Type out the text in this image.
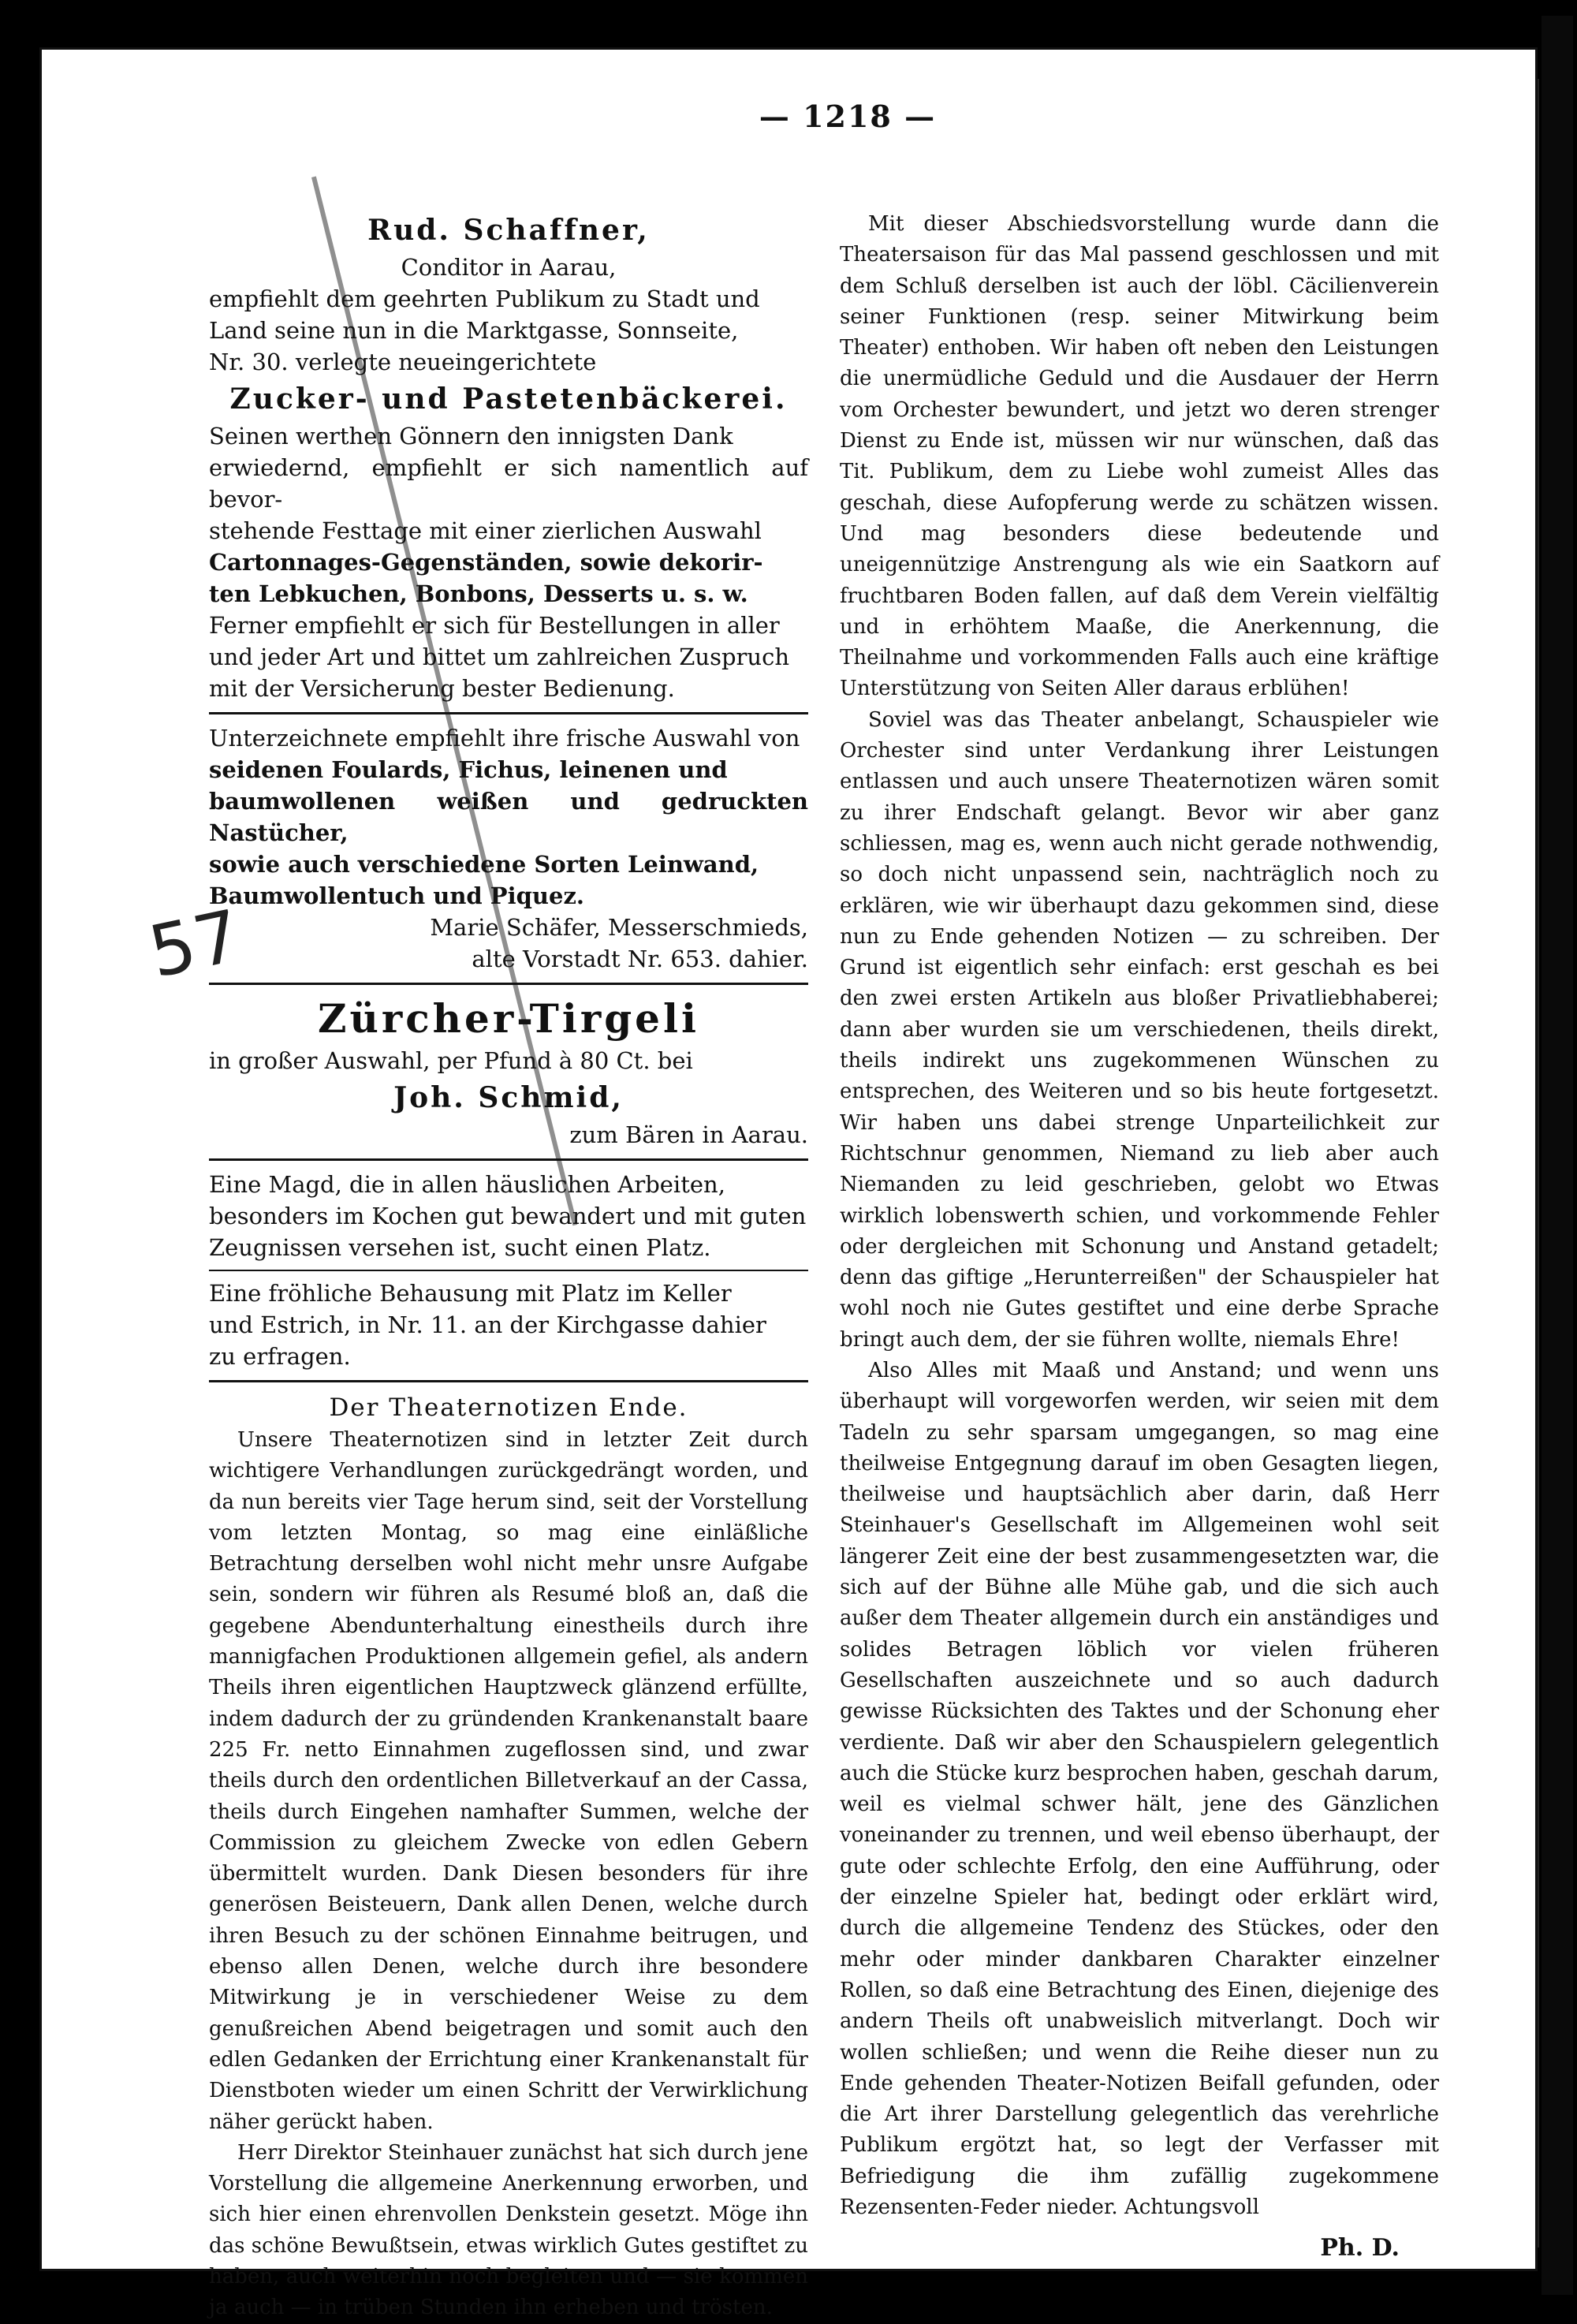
57
— 1218 —
Rud. Schaffner,
Conditor in Aarau,
empfiehlt dem geehrten Publikum zu Stadt und
Land seine nun in die Marktgasse, Sonnseite,
Nr. 30. verlegte neueingerichtete
Zucker- und Pastetenbäckerei.
Seinen werthen Gönnern den innigsten Dank
erwiedernd, empfiehlt er sich namentlich auf bevor-
stehende Festtage mit einer zierlichen Auswahl
Cartonnages-Gegenständen, sowie dekorir-
ten Lebkuchen, Bonbons, Desserts u. s. w.
Ferner empfiehlt er sich für Bestellungen in aller
und jeder Art und bittet um zahlreichen Zuspruch
mit der Versicherung bester Bedienung.
Unterzeichnete empfiehlt ihre frische Auswahl von
seidenen Foulards, Fichus, leinenen und
baumwollenen weißen und gedruckten Nastücher,
sowie auch verschiedene Sorten Leinwand,
Baumwollentuch und Piquez.
Marie Schäfer, Messerschmieds,
alte Vorstadt Nr. 653. dahier.
Zürcher-Tirgeli
in großer Auswahl, per Pfund à 80 Ct. bei
Joh. Schmid,
zum Bären in Aarau.
Eine Magd, die in allen häuslichen Arbeiten,
besonders im Kochen gut bewandert und mit guten
Zeugnissen versehen ist, sucht einen Platz.
Eine fröhliche Behausung mit Platz im Keller
und Estrich, in Nr. 11. an der Kirchgasse dahier
zu erfragen.
Der Theaternotizen Ende.

Unsere Theaternotizen sind in letzter Zeit durch wichtigere Verhandlungen zurückgedrängt worden, und da nun bereits vier Tage herum sind, seit der Vorstellung vom letzten Montag, so mag eine einläßliche Betrachtung derselben wohl nicht mehr unsre Aufgabe sein, sondern wir führen als Resumé bloß an, daß die gegebene Abendunterhaltung einestheils durch ihre mannigfachen Produktionen allgemein gefiel, als andern Theils ihren eigentlichen Hauptzweck glänzend erfüllte, indem dadurch der zu gründenden Krankenanstalt baare 225 Fr. netto Einnahmen zugeflossen sind, und zwar theils durch den ordentlichen Billetverkauf an der Cassa, theils durch Eingehen namhafter Summen, welche der Commission zu gleichem Zwecke von edlen Gebern übermittelt wurden. Dank Diesen besonders für ihre generösen Beisteuern, Dank allen Denen, welche durch ihren Besuch zu der schönen Einnahme beitrugen, und ebenso allen Denen, welche durch ihre besondere Mitwirkung je in verschiedener Weise zu dem genußreichen Abend beigetragen und somit auch den edlen Gedanken der Errichtung einer Krankenanstalt für Dienstboten wieder um einen Schritt der Verwirklichung näher gerückt haben.

Herr Direktor Steinhauer zunächst hat sich durch jene Vorstellung die allgemeine Anerkennung erworben, und sich hier einen ehrenvollen Denkstein gesetzt. Möge ihn das schöne Bewußtsein, etwas wirklich Gutes gestiftet zu haben, auch weiterhin noch begleiten und — sie kommen ja auch — in trüben Stunden ihn erheben und trösten.

Mit dieser Abschiedsvorstellung wurde dann die Theatersaison für das Mal passend geschlossen und mit dem Schluß derselben ist auch der löbl. Cäcilienverein seiner Funktionen (resp. seiner Mitwirkung beim Theater) enthoben. Wir haben oft neben den Leistungen die unermüdliche Geduld und die Ausdauer der Herrn vom Orchester bewundert, und jetzt wo deren strenger Dienst zu Ende ist, müssen wir nur wünschen, daß das Tit. Publikum, dem zu Liebe wohl zumeist Alles das geschah, diese Aufopferung werde zu schätzen wissen. Und mag besonders diese bedeutende und uneigennützige Anstrengung als wie ein Saatkorn auf fruchtbaren Boden fallen, auf daß dem Verein vielfältig und in erhöhtem Maaße, die Anerkennung, die Theilnahme und vorkommenden Falls auch eine kräftige Unterstützung von Seiten Aller daraus erblühen!

Soviel was das Theater anbelangt, Schauspieler wie Orchester sind unter Verdankung ihrer Leistungen entlassen und auch unsere Theaternotizen wären somit zu ihrer Endschaft gelangt. Bevor wir aber ganz schliessen, mag es, wenn auch nicht gerade nothwendig, so doch nicht unpassend sein, nachträglich noch zu erklären, wie wir überhaupt dazu gekommen sind, diese nun zu Ende gehenden Notizen — zu schreiben. Der Grund ist eigentlich sehr einfach: erst geschah es bei den zwei ersten Artikeln aus bloßer Privatliebhaberei; dann aber wurden sie um verschiedenen, theils direkt, theils indirekt uns zugekommenen Wünschen zu entsprechen, des Weiteren und so bis heute fortgesetzt. Wir haben uns dabei strenge Unparteilichkeit zur Richtschnur genommen, Niemand zu lieb aber auch Niemanden zu leid geschrieben, gelobt wo Etwas wirklich lobenswerth schien, und vorkommende Fehler oder dergleichen mit Schonung und Anstand getadelt; denn das giftige „Herunterreißen" der Schauspieler hat wohl noch nie Gutes gestiftet und eine derbe Sprache bringt auch dem, der sie führen wollte, niemals Ehre!

Also Alles mit Maaß und Anstand; und wenn uns überhaupt will vorgeworfen werden, wir seien mit dem Tadeln zu sehr sparsam umgegangen, so mag eine theilweise Entgegnung darauf im oben Gesagten liegen, theilweise und hauptsächlich aber darin, daß Herr Steinhauer's Gesellschaft im Allgemeinen wohl seit längerer Zeit eine der best zusammengesetzten war, die sich auf der Bühne alle Mühe gab, und die sich auch außer dem Theater allgemein durch ein anständiges und solides Betragen löblich vor vielen früheren Gesellschaften auszeichnete und so auch dadurch gewisse Rücksichten des Taktes und der Schonung eher verdiente. Daß wir aber den Schauspielern gelegentlich auch die Stücke kurz besprochen haben, geschah darum, weil es vielmal schwer hält, jene des Gänzlichen voneinander zu trennen, und weil ebenso überhaupt, der gute oder schlechte Erfolg, den eine Aufführung, oder der einzelne Spieler hat, bedingt oder erklärt wird, durch die allgemeine Tendenz des Stückes, oder den mehr oder minder dankbaren Charakter einzelner Rollen, so daß eine Betrachtung des Einen, diejenige des andern Theils oft unabweislich mitverlangt. Doch wir wollen schließen; und wenn die Reihe dieser nun zu Ende gehenden Theater-Notizen Beifall gefunden, oder die Art ihrer Darstellung gelegentlich das verehrliche Publikum ergötzt hat, so legt der Verfasser mit Befriedigung die ihm zufällig zugekommene Rezensenten-Feder nieder. Achtungsvoll

Ph. D.
